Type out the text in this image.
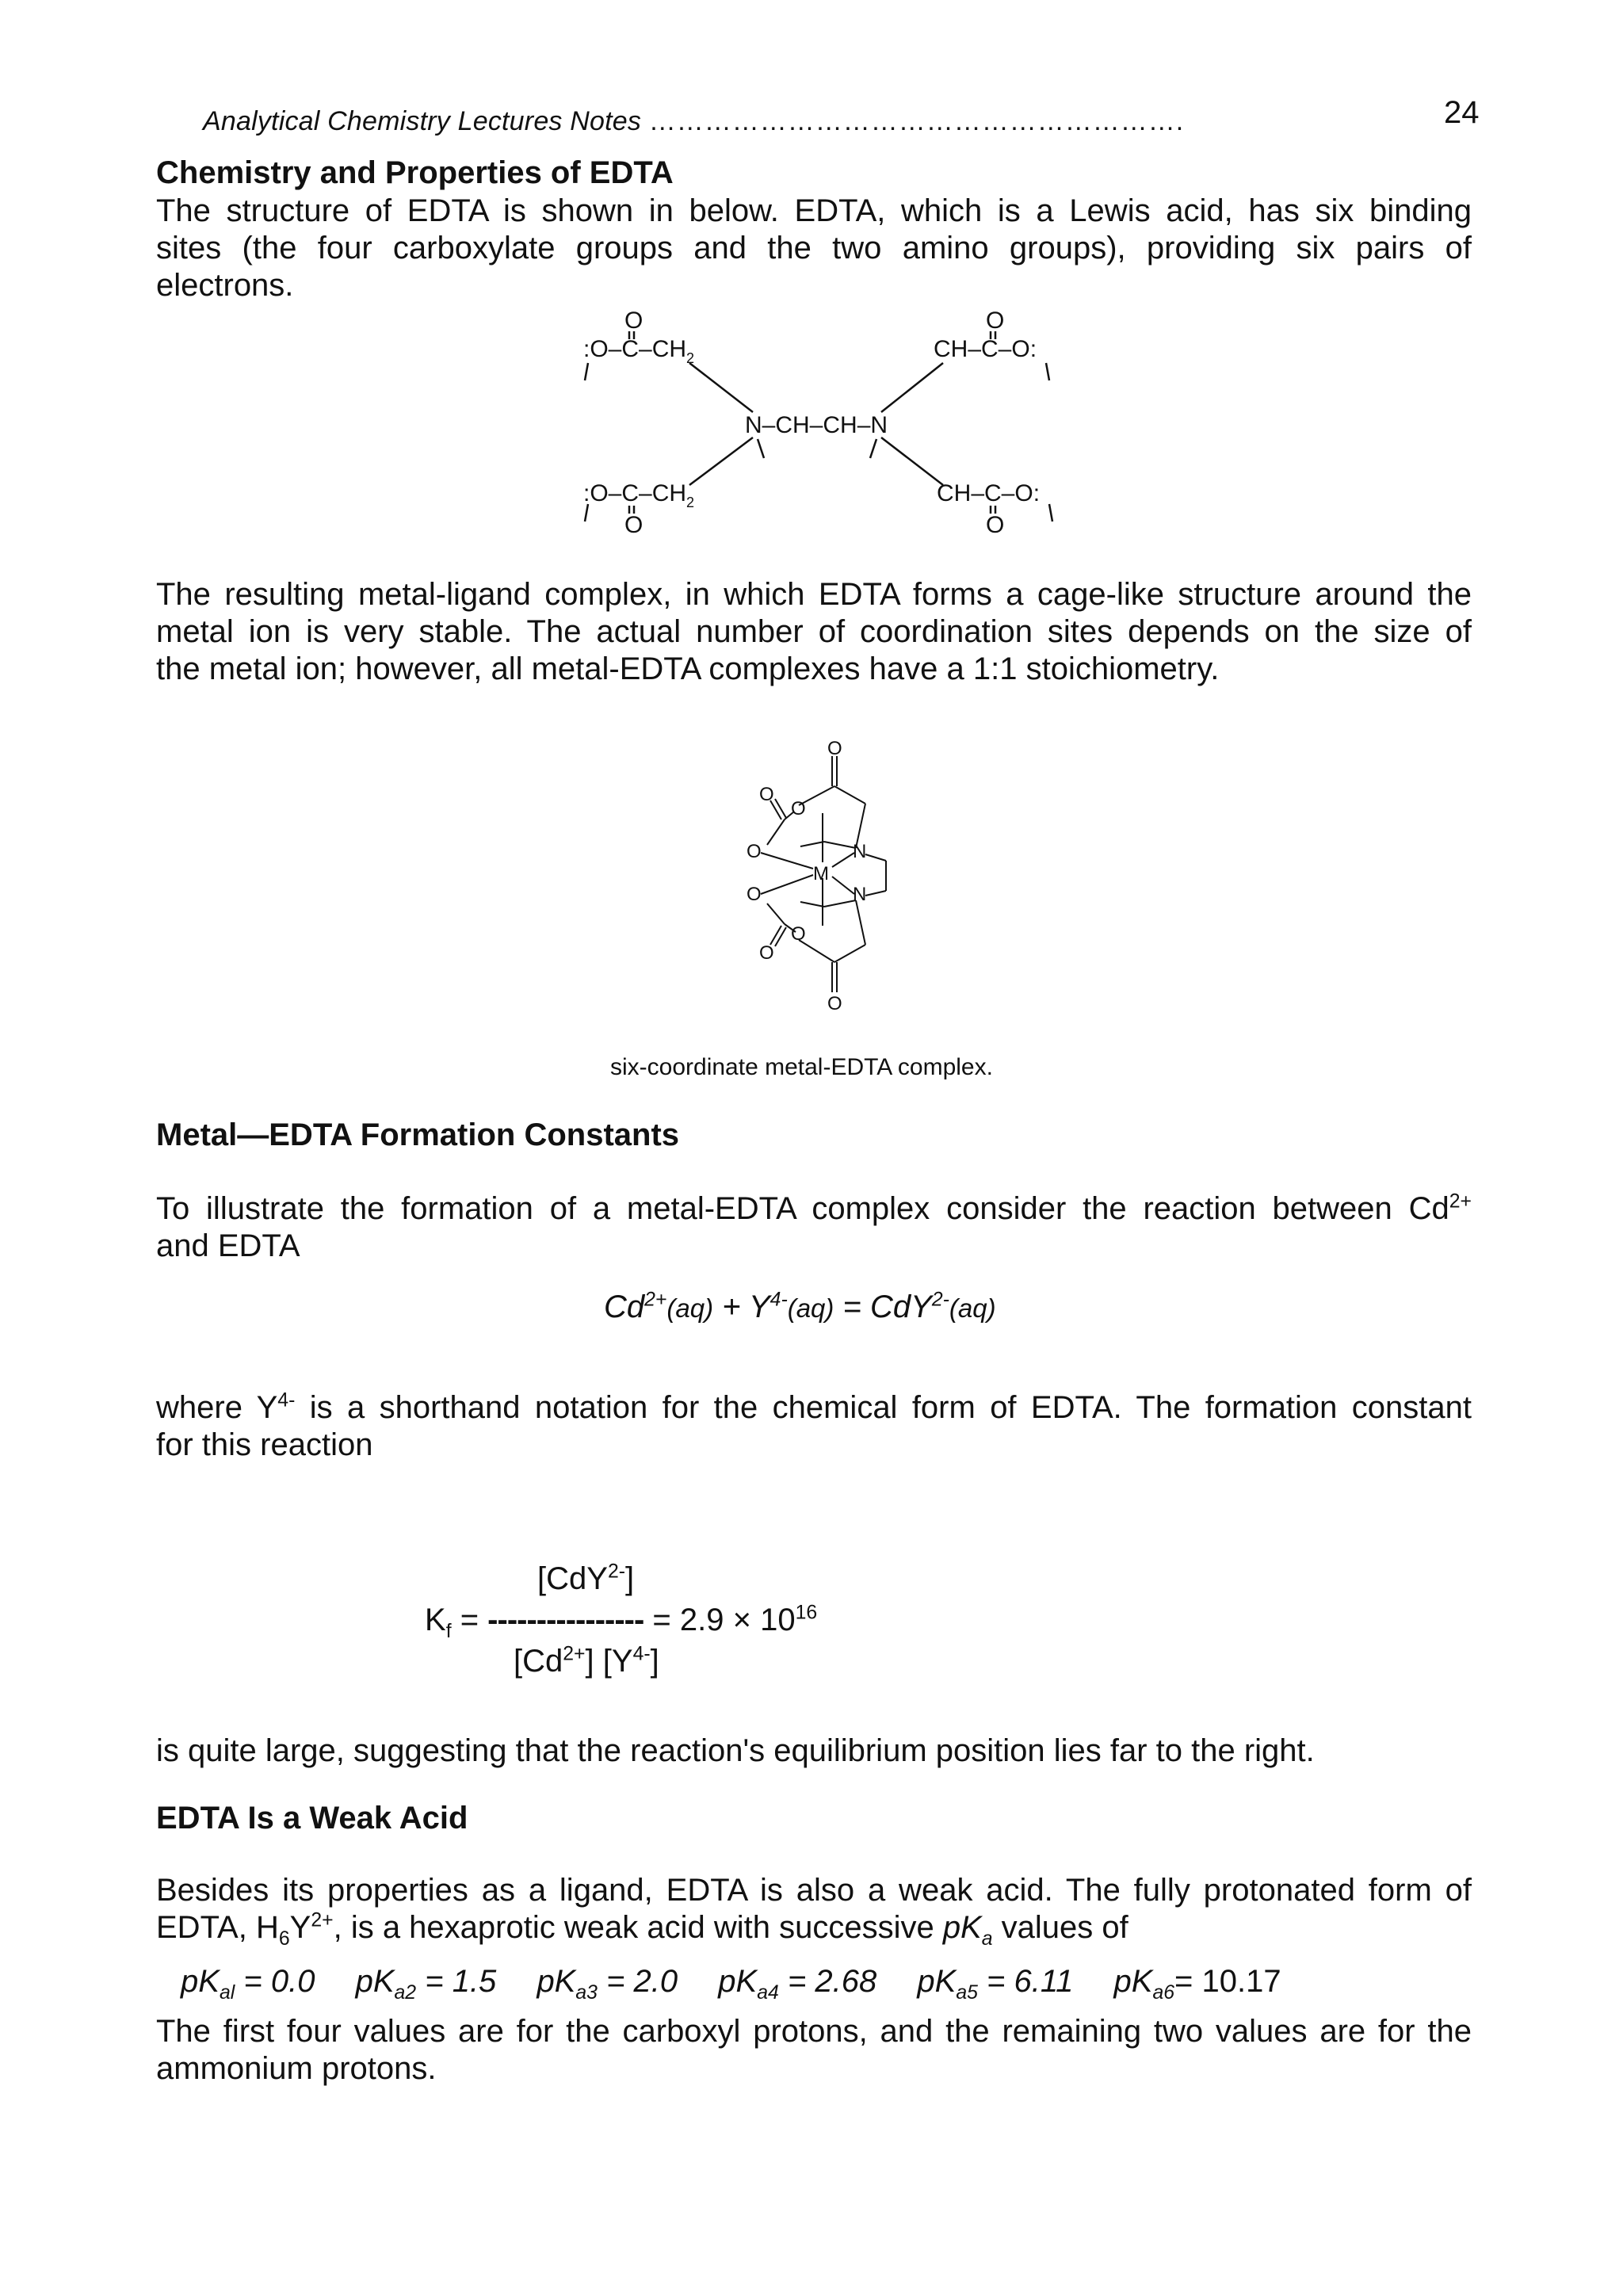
Analytical Chemistry Lectures Notes ………………………………………………….	24
Chemistry and Properties of EDTA
The structure of EDTA is shown in below. EDTA, which is a Lewis acid, has six binding
sites (the four carboxylate groups and the two amino groups), providing six pairs of
electrons.
$:O-C-CH_2$
O
CH–C–O:
O
N–CH–CH–N
$:O-C-CH_2$
O
CH–C–O:
O
The resulting metal-ligand complex, in which EDTA forms a cage-like structure around the
metal ion is very stable. The actual number of coordination sites depends on the size of
the metal ion; however, all metal-EDTA complexes have a 1:1 stoichiometry.
O
O
O
O	N
M
O	N
O
O
O
six-coordinate metal-EDTA complex.
Metal—EDTA Formation Constants
To illustrate the formation of a metal-EDTA complex consider the reaction between $Cd^{2+}$
and EDTA
$Cd^{2+}(aq) + Y^{4-}(aq) = CdY^{2-}(aq)$
where $Y^{4-}$ is a shorthand notation for the chemical form of EDTA. The formation constant
for this reaction
[CdY$^{2-}$]
$K_f$ = ---------------- = $2.9 \times 10^{16}$
$[Cd^{2+}]$ $[Y^{4-}]$
is quite large, suggesting that the reaction's equilibrium position lies far to the right.
EDTA Is a Weak Acid
Besides its properties as a ligand, EDTA is also a weak acid. The fully protonated form of
EDTA, $H_6Y^{2+}$, is a hexaprotic weak acid with successive $pK_a$ values of
$pK_{al} = 0.0$ $pK_{a2} = 1.5$ $pK_{a3} = 2.0$ $pK_{a4} = 2.68$ $pK_{a5} = 6.11$ $pK_{a6}= 10.17$
The first four values are for the carboxyl protons, and the remaining two values are for the
ammonium protons.
